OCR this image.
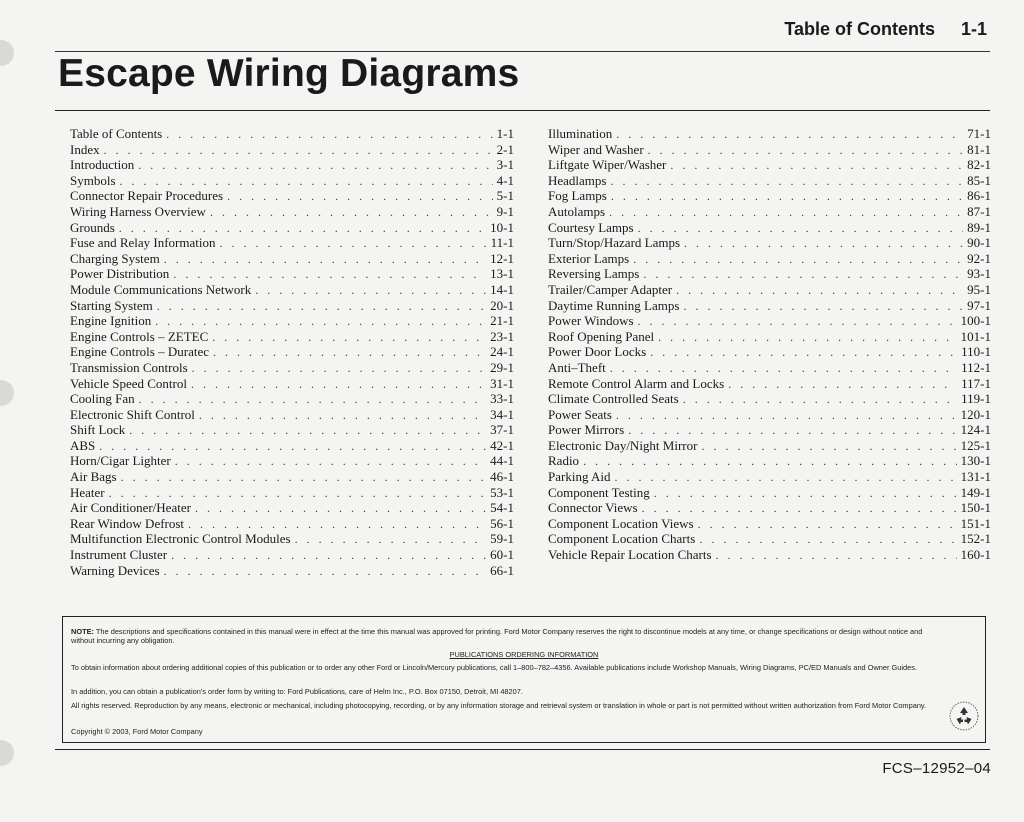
Table of Contents 1-1
Escape Wiring Diagrams
Table of Contents . . .	1-1
Index . . .	2-1
Introduction . . .	3-1
Symbols . . .	4-1
Connector Repair Procedures . . .	5-1
Wiring Harness Overview . . .	9-1
Grounds . . .	10-1
Fuse and Relay Information . . .	11-1
Charging System . . .	12-1
Power Distribution . . .	13-1
Module Communications Network . . .	14-1
Starting System . . .	20-1
Engine Ignition . . .	21-1
Engine Controls – ZETEC . . .	23-1
Engine Controls – Duratec . . .	24-1
Transmission Controls . . .	29-1
Vehicle Speed Control . . .	31-1
Cooling Fan . . .	33-1
Electronic Shift Control . . .	34-1
Shift Lock . . .	37-1
ABS . . .	42-1
Horn/Cigar Lighter . . .	44-1
Air Bags . . .	46-1
Heater . . .	53-1
Air Conditioner/Heater . . .	54-1
Rear Window Defrost . . .	56-1
Multifunction Electronic Control Modules . . .	59-1
Instrument Cluster . . .	60-1
Warning Devices . . .	66-1
Illumination . . .	71-1
Wiper and Washer . . .	81-1
Liftgate Wiper/Washer . . .	82-1
Headlamps . . .	85-1
Fog Lamps . . .	86-1
Autolamps . . .	87-1
Courtesy Lamps . . .	89-1
Turn/Stop/Hazard Lamps . . .	90-1
Exterior Lamps . . .	92-1
Reversing Lamps . . .	93-1
Trailer/Camper Adapter . . .	95-1
Daytime Running Lamps . . .	97-1
Power Windows . . .	100-1
Roof Opening Panel . . .	101-1
Power Door Locks . . .	110-1
Anti–Theft . . .	112-1
Remote Control Alarm and Locks . . .	117-1
Climate Controlled Seats . . .	119-1
Power Seats . . .	120-1
Power Mirrors . . .	124-1
Electronic Day/Night Mirror . . .	125-1
Radio . . .	130-1
Parking Aid . . .	131-1
Component Testing . . .	149-1
Connector Views . . .	150-1
Component Location Views . . .	151-1
Component Location Charts . . .	152-1
Vehicle Repair Location Charts . . .	160-1

NOTE: The descriptions and specifications contained in this manual were in effect at the time this manual was approved for printing. Ford Motor Company reserves the right to discontinue models at any time, or change specifications or design without notice and without incurring any obligation.

PUBLICATIONS ORDERING INFORMATION

To obtain information about ordering additional copies of this publication or to order any other Ford or Lincoln/Mercury publications, call 1–800–782–4356. Available publications include Workshop Manuals, Wiring Diagrams, PC/ED Manuals and Owner Guides.

In addition, you can obtain a publication's order form by writing to: Ford Publications, care of Helm Inc., P.O. Box 07150, Detroit, MI 48207.

All rights reserved. Reproduction by any means, electronic or mechanical, including photocopying, recording, or by any information storage and retrieval system or translation in whole or part is not permitted without written authorization from Ford Motor Company.

Copyright © 2003, Ford Motor Company

FCS–12952–04
